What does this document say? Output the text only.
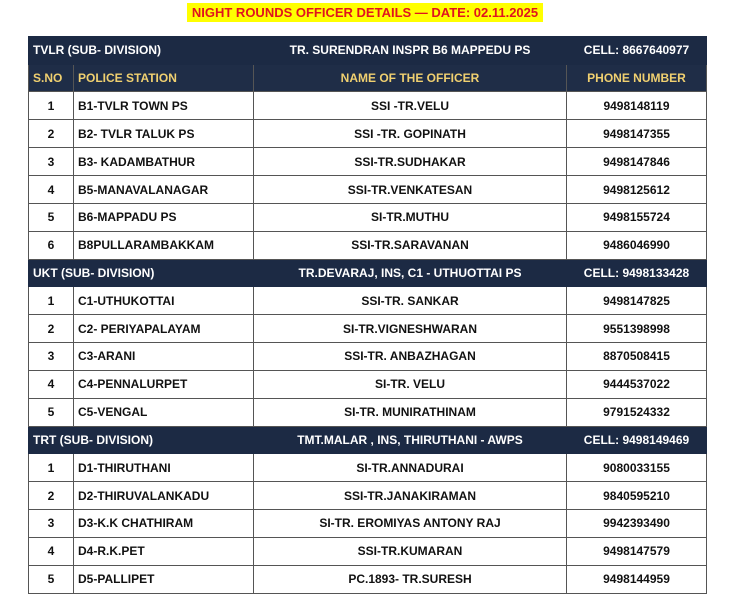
NIGHT ROUNDS OFFICER DETAILS — DATE: 02.11.2025
TVLR (SUB- DIVISION)		TR. SURENDRAN INSPR B6 MAPPEDU PS	CELL: 8667640977
S.NO	POLICE STATION	NAME OF THE OFFICER	PHONE NUMBER
1	B1-TVLR TOWN PS	SSI -TR.VELU	9498148119
2	B2- TVLR TALUK PS	SSI -TR. GOPINATH	9498147355
3	B3- KADAMBATHUR	SSI-TR.SUDHAKAR	9498147846
4	B5-MANAVALANAGAR	SSI-TR.VENKATESAN	9498125612
5	B6-MAPPADU PS	SI-TR.MUTHU	9498155724
6	B8PULLARAMBAKKAM	SSI-TR.SARAVANAN	9486046990
UKT (SUB- DIVISION)		TR.DEVARAJ, INS, C1 - UTHUOTTAI PS	CELL: 9498133428
1	C1-UTHUKOTTAI	SSI-TR. SANKAR	9498147825
2	C2- PERIYAPALAYAM	SI-TR.VIGNESHWARAN	9551398998
3	C3-ARANI	SSI-TR. ANBAZHAGAN	8870508415
4	C4-PENNALURPET	SI-TR. VELU	9444537022
5	C5-VENGAL	SI-TR. MUNIRATHINAM	9791524332
TRT (SUB- DIVISION)		TMT.MALAR , INS, THIRUTHANI - AWPS	CELL: 9498149469
1	D1-THIRUTHANI	SI-TR.ANNADURAI	9080033155
2	D2-THIRUVALANKADU	SSI-TR.JANAKIRAMAN	9840595210
3	D3-K.K CHATHIRAM	SI-TR. EROMIYAS ANTONY RAJ	9942393490
4	D4-R.K.PET	SSI-TR.KUMARAN	9498147579
5	D5-PALLIPET	PC.1893- TR.SURESH	9498144959
